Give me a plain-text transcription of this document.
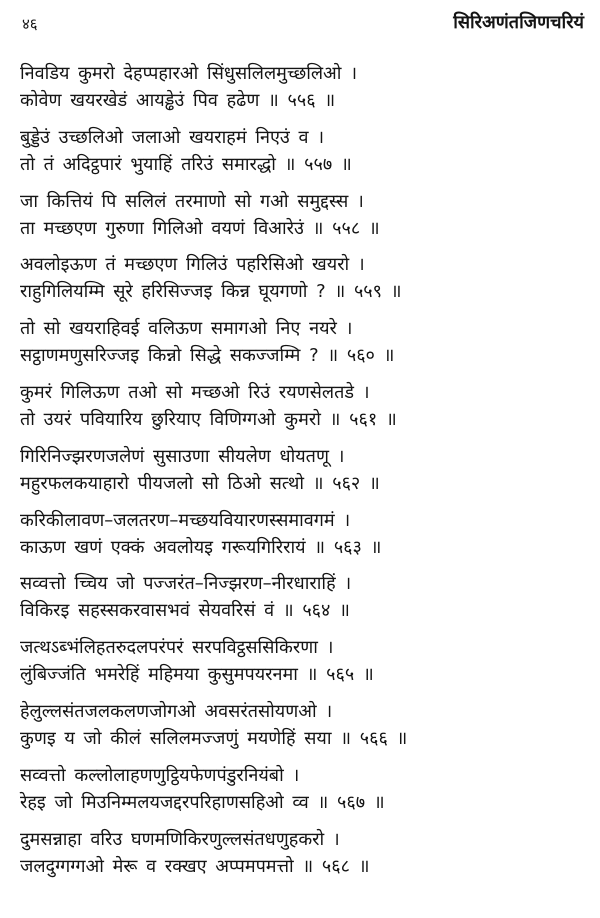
४६	सिरिअणंतजिणचरियं
निवडिय कुमरो देहप्पहारओ सिंधुसलिलमुच्छलिओ ।
कोवेण खयरखेडं आयड्ढेउं पिव हढेण ॥ ५५६ ॥
बुड्डेउं उच्छलिओ जलाओ खयराहमं निएउं व ।
तो तं अदिट्ठपारं भुयाहिं तरिउं समारद्धो ॥ ५५७ ॥
जा कित्तियं पि सलिलं तरमाणो सो गओ समुद्दस्स ।
ता मच्छएण गुरुणा गिलिओ वयणं विआरेउं ॥ ५५८ ॥
अवलोइऊण तं मच्छएण गिलिउं पहरिसिओ खयरो ।
राहुगिलियम्मि सूरे हरिसिज्जइ किन्न घूयगणो ? ॥ ५५९ ॥
तो सो खयराहिवई वलिऊण समागओ निए नयरे ।
सट्ठाणमणुसरिज्जइ किन्नो सिद्धे सकज्जम्मि ? ॥ ५६० ॥
कुमरं गिलिऊण तओ सो मच्छओ रिउं रयणसेलतडे ।
तो उयरं पवियारिय छुरियाए विणिग्गओ कुमरो ॥ ५६१ ॥
गिरिनिज्झरणजलेणं सुसाउणा सीयलेण धोयतणू ।
महुरफलकयाहारो पीयजलो सो ठिओ सत्थो ॥ ५६२ ॥
करिकीलावण–जलतरण–मच्छयवियारणस्समावगमं ।
काऊण खणं एक्कं अवलोयइ गरूयगिरिरायं ॥ ५६३ ॥
सव्वत्तो च्चिय जो पज्जरंत–निज्झरण–नीरधाराहिं ।
विकिरइ सहस्सकरवासभवं सेयवरिसं वं ॥ ५६४ ॥
जत्थऽब्भंलिहतरुदलपरंपरं सरपविट्ठससिकिरणा ।
लुंबिज्जंति भमरेहिं महिमया कुसुमपयरनमा ॥ ५६५ ॥
हेलुल्लसंतजलकलणजोगओ अवसरंतसोयणओ ।
कुणइ य जो कीलं सलिलमज्जणुं मयणेहिं सया ॥ ५६६ ॥
सव्वत्तो कल्लोलाहणणुट्ठियफेणपंडुरनियंबो ।
रेहइ जो मिउनिम्मलयजद्दरपरिहाणसहिओ व्व ॥ ५६७ ॥
दुमसन्नाहा वरिउ घणमणिकिरणुल्लसंतधणुहकरो ।
जलदुग्गग्गओ मेरू व रक्खए अप्पमपमत्तो ॥ ५६८ ॥
